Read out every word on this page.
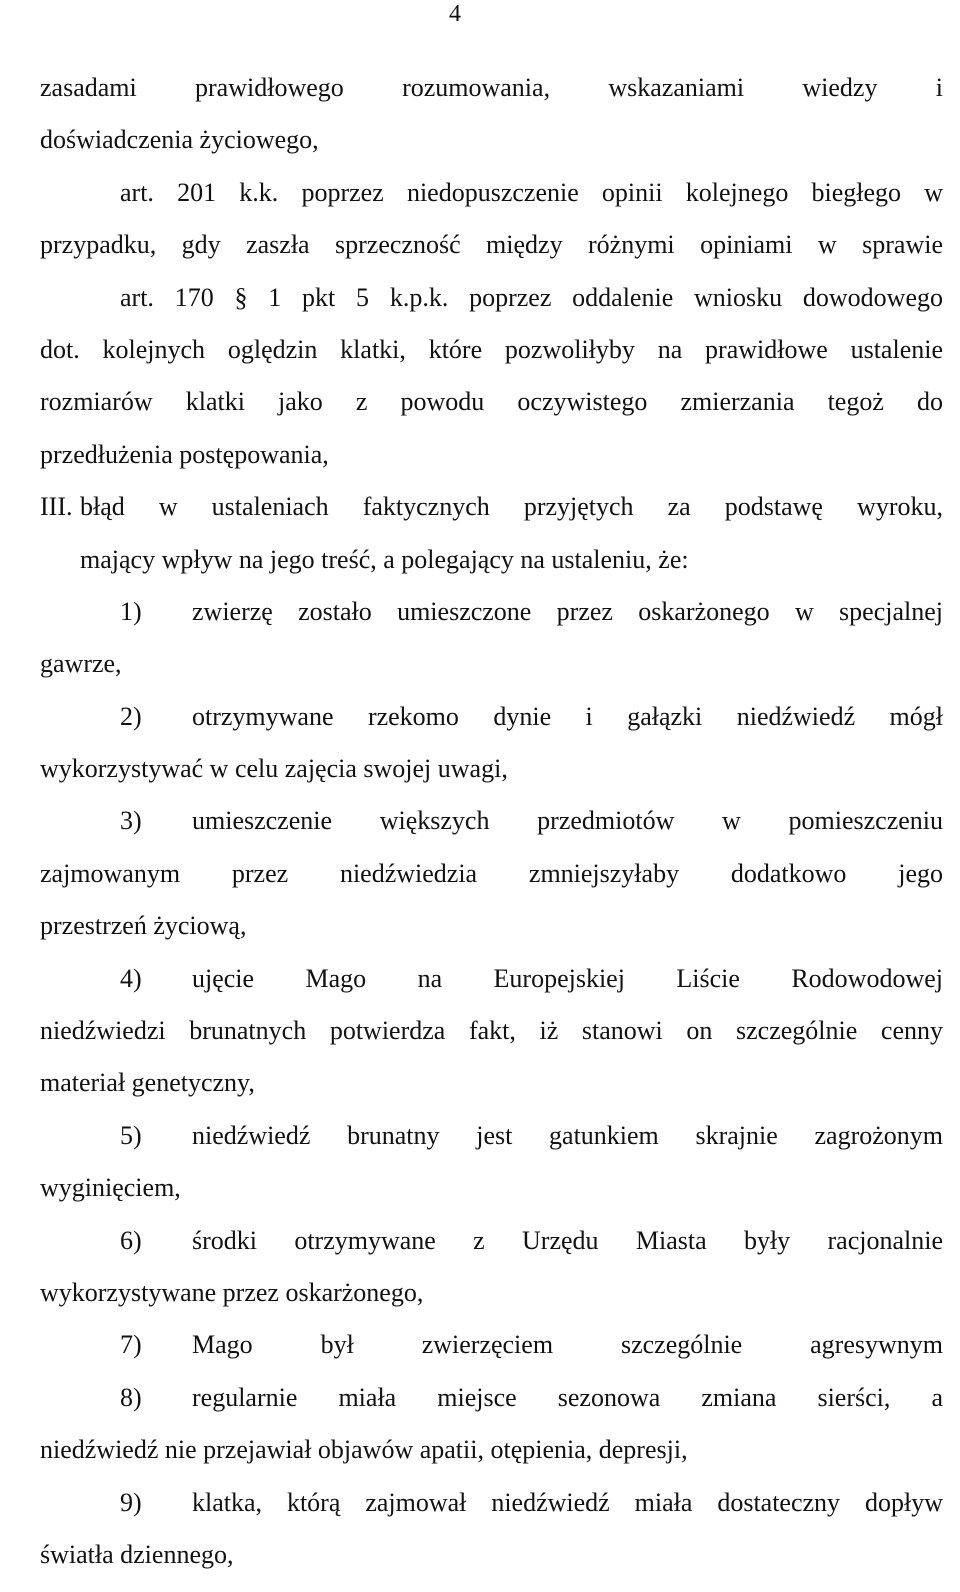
4
zasadami prawidłowego rozumowania, wskazaniami wiedzy i
doświadczenia życiowego,
art. 201 k.k. poprzez niedopuszczenie opinii kolejnego biegłego w
przypadku, gdy zaszła sprzeczność między różnymi opiniami w sprawie
art. 170 § 1 pkt 5 k.p.k. poprzez oddalenie wniosku dowodowego
dot. kolejnych oględzin klatki, które pozwoliłyby na prawidłowe ustalenie
rozmiarów klatki jako z powodu oczywistego zmierzania tegoż do
przedłużenia postępowania,
III. błąd w ustaleniach faktycznych przyjętych za podstawę wyroku,
mający wpływ na jego treść, a polegający na ustaleniu, że:
1) zwierzę zostało umieszczone przez oskarżonego w specjalnej
gawrze,
2) otrzymywane rzekomo dynie i gałązki niedźwiedź mógł
wykorzystywać w celu zajęcia swojej uwagi,
3) umieszczenie większych przedmiotów w pomieszczeniu
zajmowanym przez niedźwiedzia zmniejszyłaby dodatkowo jego
przestrzeń życiową,
4) ujęcie Mago na Europejskiej Liście Rodowodowej
niedźwiedzi brunatnych potwierdza fakt, iż stanowi on szczególnie cenny
materiał genetyczny,
5) niedźwiedź brunatny jest gatunkiem skrajnie zagrożonym
wyginięciem,
6) środki otrzymywane z Urzędu Miasta były racjonalnie
wykorzystywane przez oskarżonego,
7) Mago był zwierzęciem szczególnie agresywnym
8) regularnie miała miejsce sezonowa zmiana sierści, a
niedźwiedź nie przejawiał objawów apatii, otępienia, depresji,
9) klatka, którą zajmował niedźwiedź miała dostateczny dopływ
światła dziennego,
